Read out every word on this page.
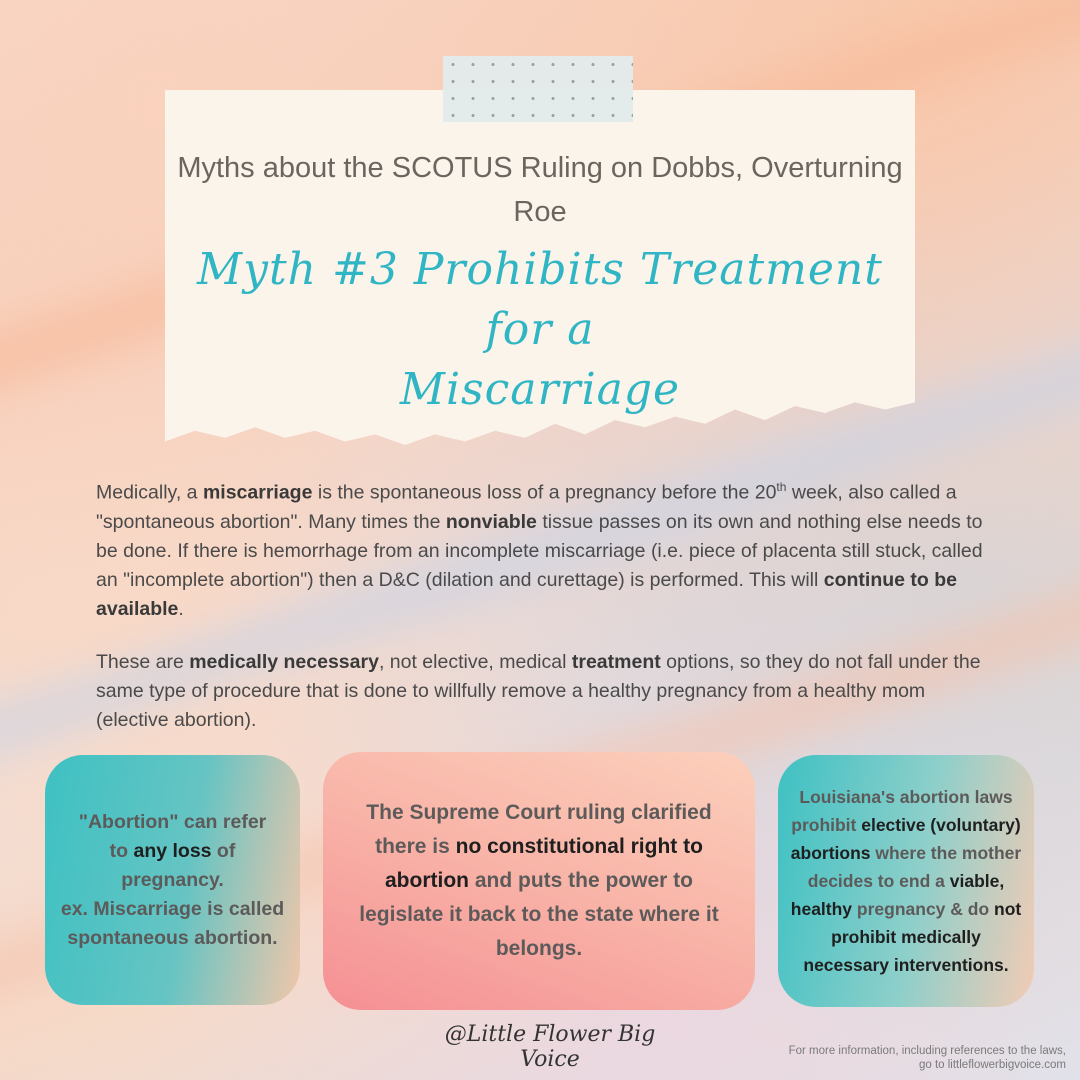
Myths about the SCOTUS Ruling on Dobbs, Overturning Roe
Myth #3 Prohibits Treatment for a
Miscarriage
Medically, a miscarriage is the spontaneous loss of a pregnancy before the 20th week, also called a "spontaneous abortion". Many times the nonviable tissue passes on its own and nothing else needs to be done. If there is hemorrhage from an incomplete miscarriage (i.e. piece of placenta still stuck, called an "incomplete abortion") then a D&C (dilation and curettage) is performed. This will continue to be available.
These are medically necessary, not elective, medical treatment options, so they do not fall under the same type of procedure that is done to willfully remove a healthy pregnancy from a healthy mom (elective abortion).
"Abortion" can refer
to any loss of pregnancy.
ex. Miscarriage is called spontaneous abortion.
The Supreme Court ruling clarified there is no constitutional right to abortion and puts the power to legislate it back to the state where it belongs.
Louisiana's abortion laws prohibit elective (voluntary) abortions where the mother decides to end a viable, healthy pregnancy & do not prohibit medically necessary interventions.
@Little Flower Big Voice	For more information, including references to the laws,
go to littleflowerbigvoice.com
